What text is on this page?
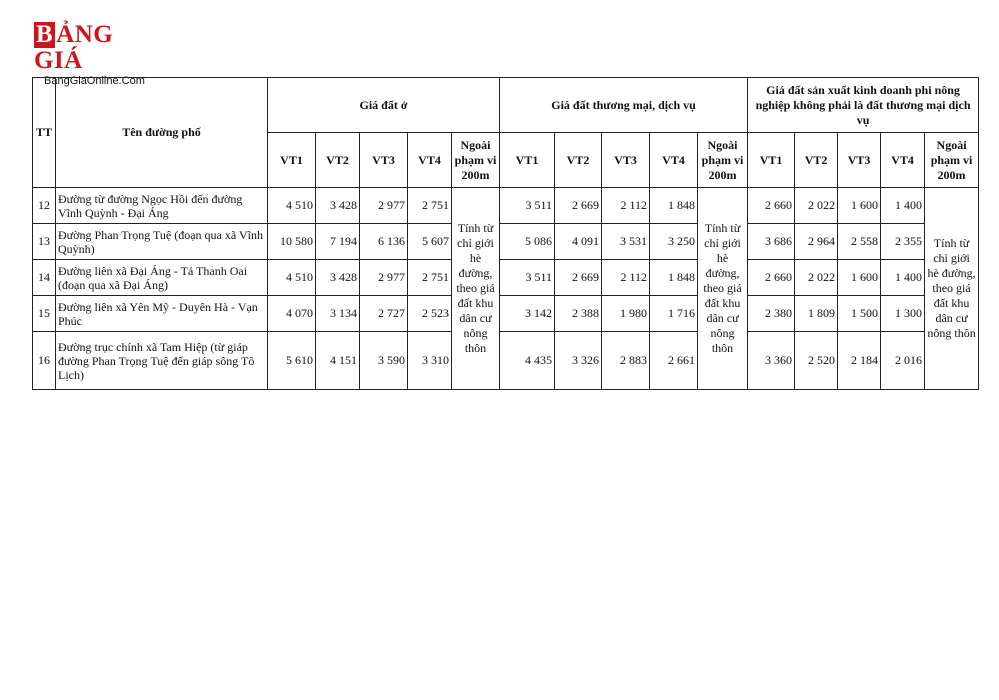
B ẢNG GIÁ
BangGiaOnline.Com
TT	Tên đường phố	Giá đất ở					Giá đất thương mại, dịch vụ					Giá đất sản xuất kinh doanh phi nông nghiệp không phải là đất thương mại dịch vụ				
		VT1	VT2	VT3	VT4	Ngoài phạm vi 200m	VT1	VT2	VT3	VT4	Ngoài phạm vi 200m	VT1	VT2	VT3	VT4	Ngoài phạm vi 200m
12	Đường từ đường Ngọc Hồi đến đường Vĩnh Quỳnh - Đại Áng	4 510	3 428	2 977	2 751	Tính từ chỉ giới hè đường, theo giá đất khu dân cư nông thôn	3 511	2 669	2 112	1 848	Tính từ chỉ giới hè đường, theo giá đất khu dân cư nông thôn	2 660	2 022	1 600	1 400	Tính từ chỉ giới hè đường, theo giá đất khu dân cư nông thôn
13	Đường Phan Trọng Tuệ (đoạn qua xã Vĩnh Quỳnh)	10 580	7 194	6 136	5 607		5 086	4 091	3 531	3 250		3 686	2 964	2 558	2 355	
14	Đường liên xã Đại Áng - Tả Thanh Oai (đoạn qua xã Đại Áng)	4 510	3 428	2 977	2 751		3 511	2 669	2 112	1 848		2 660	2 022	1 600	1 400	
15	Đường liên xã Yên Mỹ - Duyên Hà - Vạn Phúc	4 070	3 134	2 727	2 523		3 142	2 388	1 980	1 716		2 380	1 809	1 500	1 300	
16	Đường trục chính xã Tam Hiệp (từ giáp đường Phan Trọng Tuệ đến giáp sông Tô Lịch)	5 610	4 151	3 590	3 310		4 435	3 326	2 883	2 661		3 360	2 520	2 184	2 016	
